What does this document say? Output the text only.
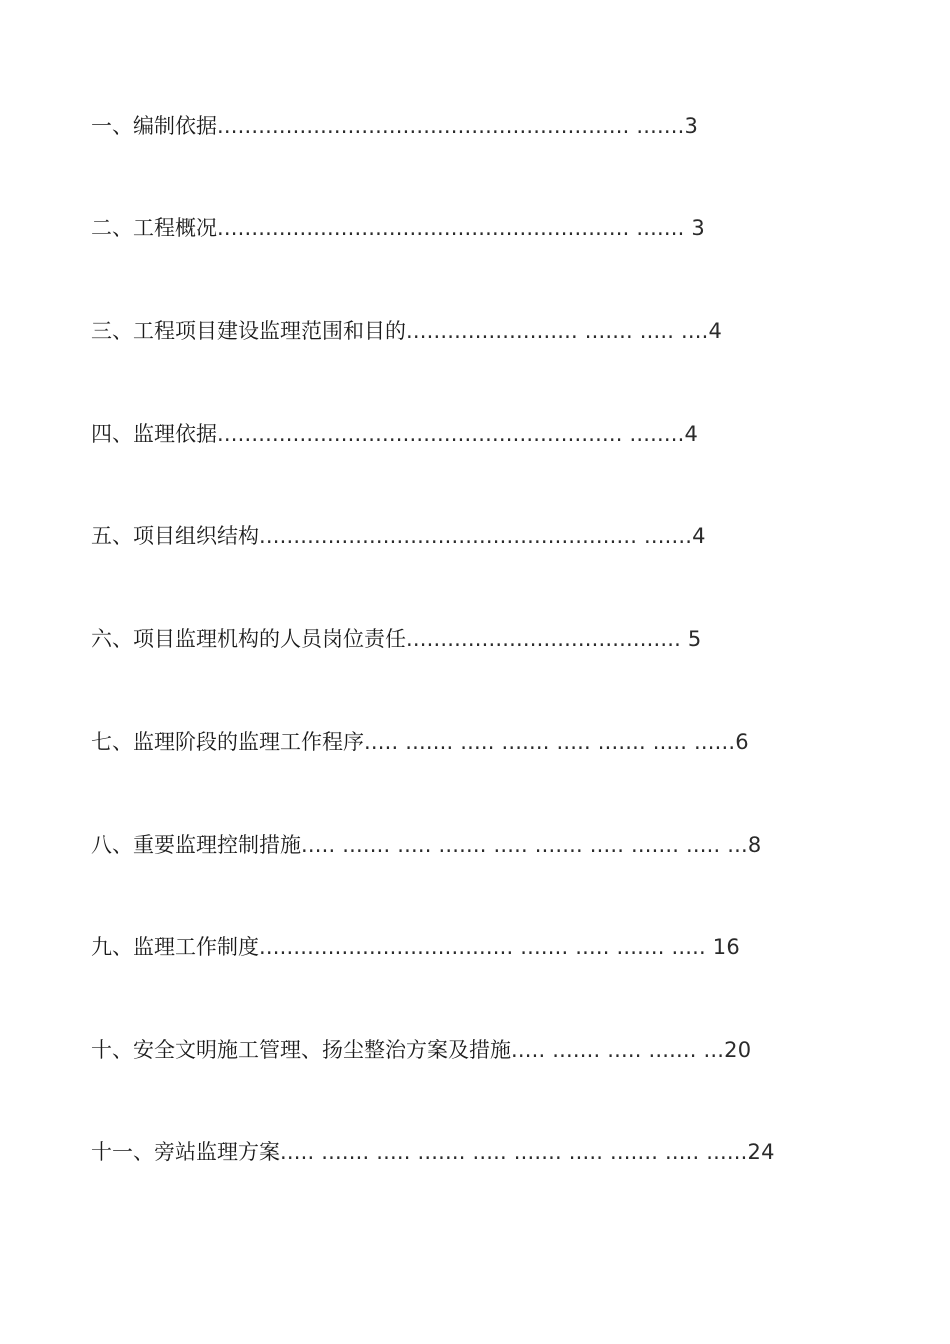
一、编制依据............................................................ .......3
二、工程概况............................................................ ....... 3
三、工程项目建设监理范围和目的......................... ....... ..... ....4
四、监理依据........................................................... ........4
五、项目组织结构....................................................... .......4
六、项目监理机构的人员岗位责任........................................ 5
七、监理阶段的监理工作程序..... ....... ..... ....... ..... ....... ..... ......6
八、重要监理控制措施..... ....... ..... ....... ..... ....... ..... ....... ..... ...8
九、监理工作制度..................................... ....... ..... ....... ..... 16
十、安全文明施工管理、扬尘整治方案及措施..... ....... ..... ....... ...20
十一、旁站监理方案..... ....... ..... ....... ..... ....... ..... ....... ..... ......24
